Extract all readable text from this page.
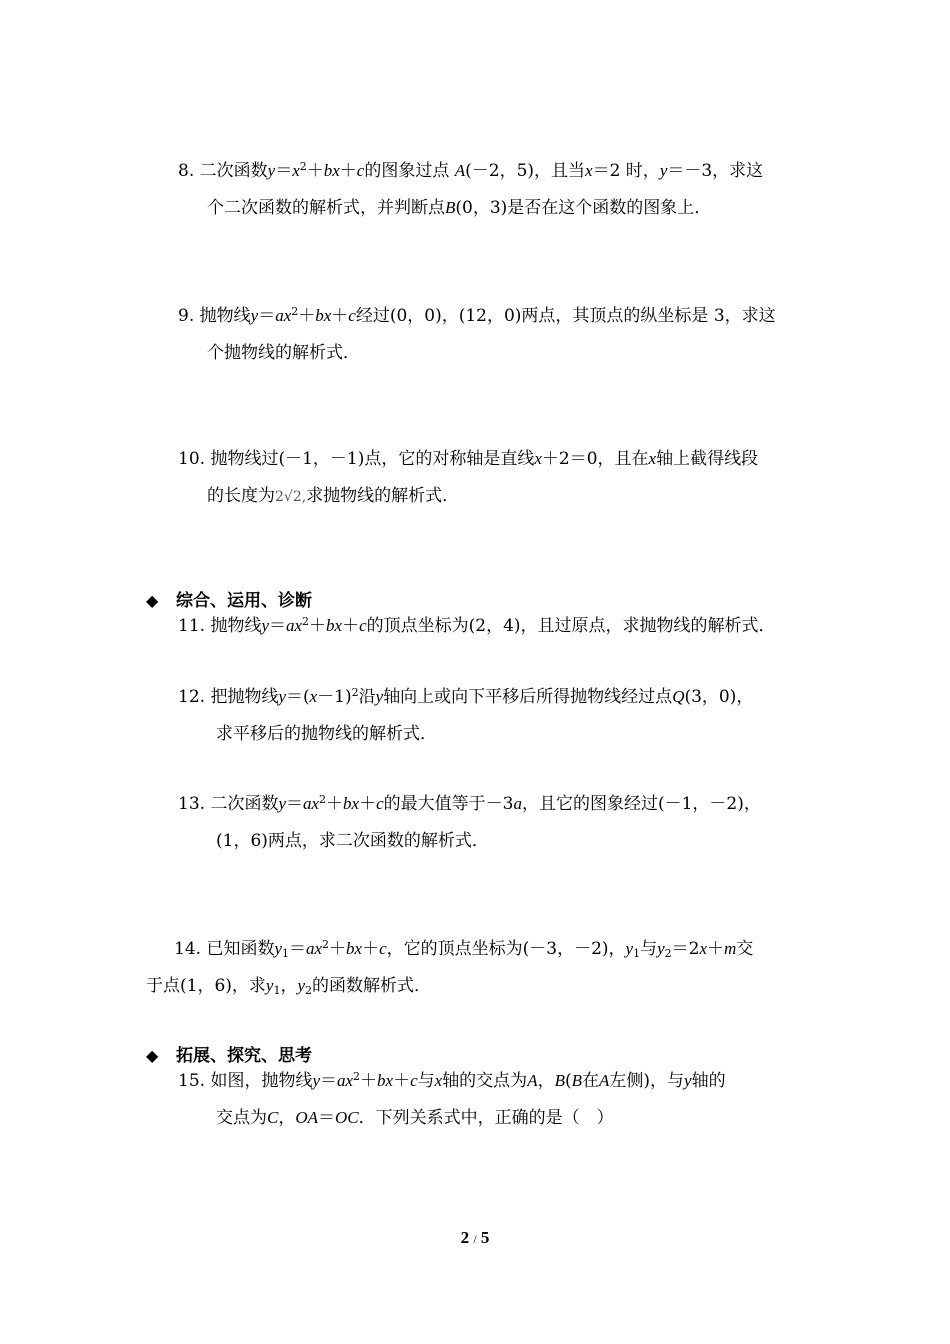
8. 二次函数$y=x^2+bx+c$的图象过点 A(－2，5)，且当x＝2 时，y＝－3，求这
个二次函数的解析式，并判断点B(0，3)是否在这个函数的图象上．
9. 抛物线$y=ax^2+bx+c$经过(0，0)，(12，0)两点，其顶点的纵坐标是 3，求这
个抛物线的解析式．
10. 抛物线过(－1，－1)点，它的对称轴是直线x＋2＝0，且在x轴上截得线段
的长度为2√2,求抛物线的解析式．
◆ 综合、运用、诊断
11. 抛物线$y=ax^2+bx+c$的顶点坐标为(2，4)，且过原点，求抛物线的解析式．
12. 把抛物线$y=(x-1)^2$沿y轴向上或向下平移后所得抛物线经过点Q(3，0)，
求平移后的抛物线的解析式．
13. 二次函数$y=ax^2+bx+c$的最大值等于－3a，且它的图象经过(－1，－2)，
(1，6)两点，求二次函数的解析式．
14. 已知函数$y_1=ax^2+bx+c$，它的顶点坐标为(－3，－2)，$y_1$与$y_2=2x+m$交
于点(1，6)，求$y_1$，$y_2$的函数解析式．
◆ 拓展、探究、思考
15. 如图，抛物线$y=ax^2+bx+c$与x轴的交点为A，B(B在A左侧)，与y轴的
交点为C，OA＝OC．下列关系式中，正确的是（　）
2 / 5
